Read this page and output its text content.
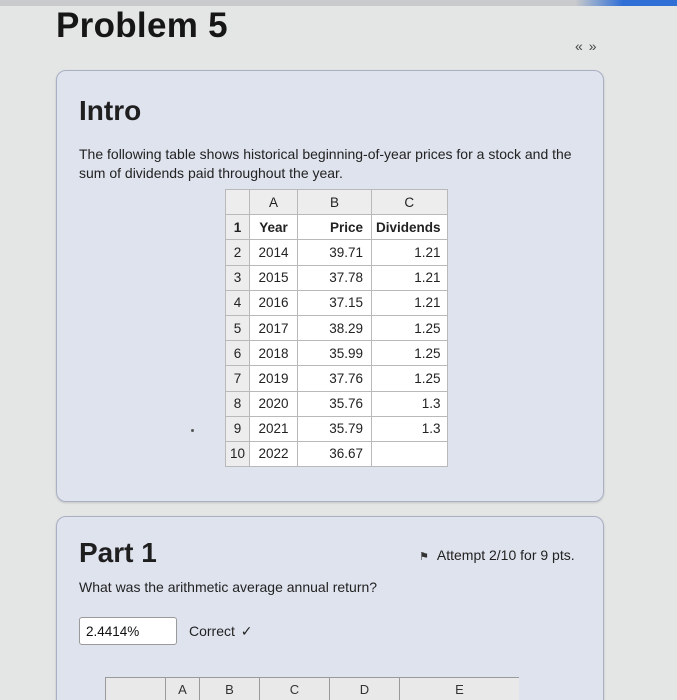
Problem 5
« »
Intro

The following table shows historical beginning-of-year prices for a stock and the sum of dividends paid throughout the year.

	A	B	C
1	Year	Price	Dividends
2	2014	39.71	1.21
3	2015	37.78	1.21
4	2016	37.15	1.21
5	2017	38.29	1.25
6	2018	35.99	1.25
7	2019	37.76	1.25
8	2020	35.76	1.3
9	2021	35.79	1.3
10	2022	36.67	
Part 1	⚑ Attempt 2/10 for 9 pts.
What was the arithmetic average annual return?
2.4414%
Correct ✓
A	B	C	D	E
